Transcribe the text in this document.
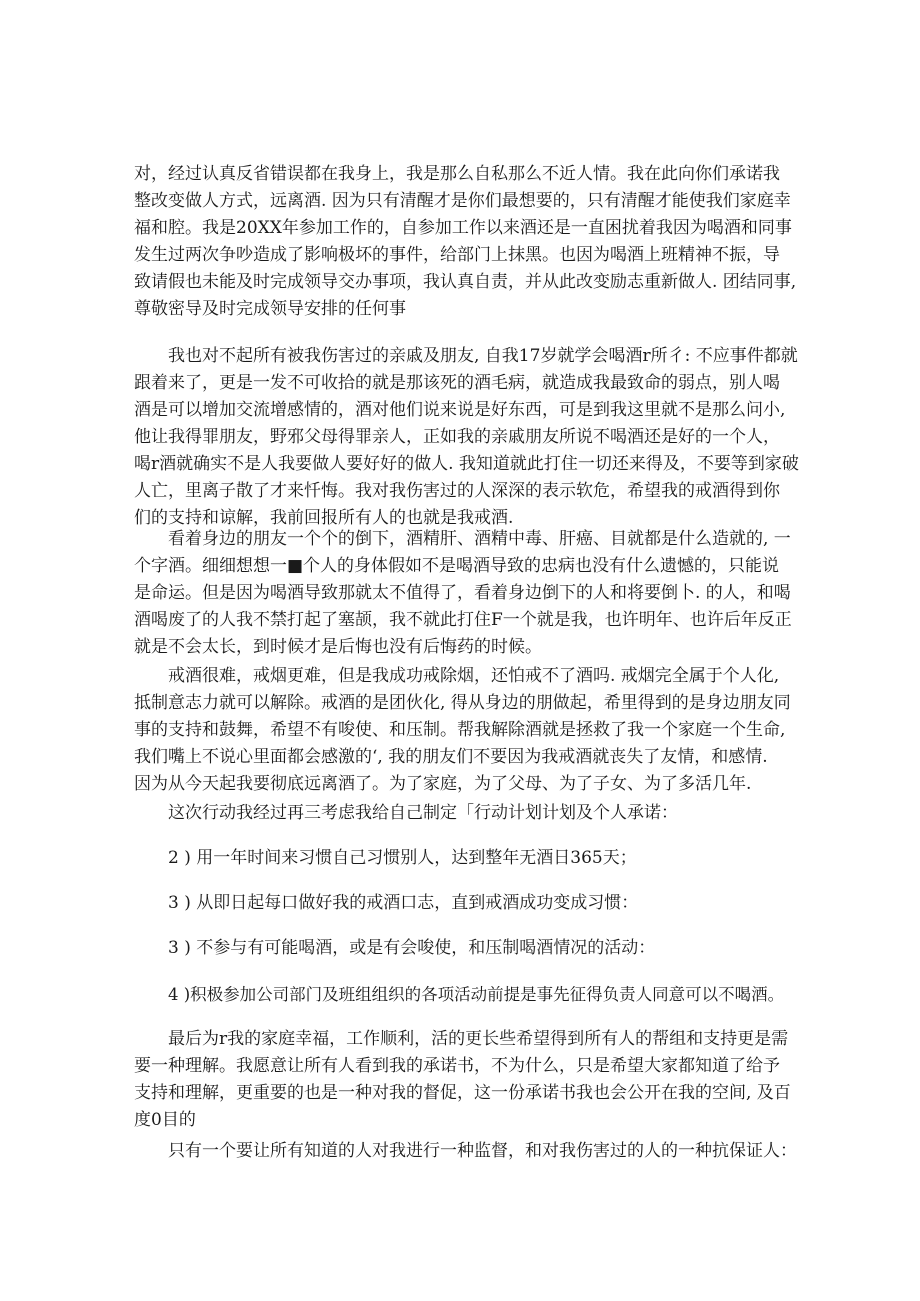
对，经过认真反省错误都在我身上，我是那么自私那么不近人情。我在此向你们承诺我
整改变做人方式，远离酒. 因为只有清醒才是你们最想要的，只有清醒才能使我们家庭幸
福和腔。我是20XX年参加工作的，自参加工作以来酒还是一直困扰着我因为喝酒和同事
发生过两次争吵造成了影响极坏的事件，给部门上抹黑。也因为喝酒上班精神不振，导
致请假也未能及时完成领导交办事项，我认真自责，并从此改变励志重新做人. 团结同事,
尊敬密导及时完成领导安排的任何事

我也对不起所有被我伤害过的亲戚及朋友, 自我17岁就学会喝酒r所彳: 不应事件都就
跟着来了，更是一发不可收拾的就是那该死的酒毛病，就造成我最致命的弱点，别人喝
酒是可以增加交流增感情的，酒对他们说来说是好东西，可是到我这里就不是那么问小,
他让我得罪朋友，野邪父母得罪亲人，正如我的亲戚朋友所说不喝酒还是好的一个人，
喝r酒就确实不是人我要做人要好好的做人. 我知道就此打住一切还来得及，不要等到家破
人亡，里离子散了才来忏悔。我对我伤害过的人深深的表示软危，希望我的戒酒得到你
们的支持和谅解，我前回报所有人的也就是我戒酒.

看着身边的朋友一个个的倒下，酒精肝、酒精中毒、肝癌、目就都是什么造就的, 一
个字酒。细细想想一■个人的身体假如不是喝酒导致的忠病也没有什么遗憾的，只能说
是命运。但是因为喝酒导致那就太不值得了，看着身边倒下的人和将要倒卜. 的人，和喝
酒喝废了的人我不禁打起了塞颉，我不就此打住F一个就是我，也许明年、也许后年反正
就是不会太长，到时候才是后悔也没有后悔药的时候。

戒酒很难，戒烟更难，但是我成功戒除烟，还怕戒不了酒吗. 戒烟完全属于个人化,
抵制意志力就可以解除。戒酒的是团伙化, 得从身边的朋做起，希里得到的是身边朋友同
事的支持和鼓舞，希望不有唆使、和压制。帮我解除酒就是拯救了我一个家庭一个生命,
我们嘴上不说心里面都会感激的‘, 我的朋友们不要因为我戒酒就丧失了友情，和感情.
因为从今天起我要彻底远离酒了。为了家庭，为了父母、为了子女、为了多活几年.

这次行动我经过再三考虑我给自己制定「行动计划计划及个人承诺：

2 ) 用一年时间来习惯自己习惯别人，达到整年无酒日365天；

3 ) 从即日起每口做好我的戒酒口志，直到戒酒成功变成习惯：

3 ) 不参与有可能喝酒，或是有会唆使，和压制喝酒情况的活动：

4 )积极参加公司部门及班组组织的各项活动前提是事先征得负责人同意可以不喝酒。

最后为r我的家庭幸福，工作顺利，活的更长些希望得到所有人的帮组和支持更是需
要一种理解。我愿意让所有人看到我的承诺书，不为什么，只是希望大家都知道了给予
支持和理解，更重要的也是一种对我的督促，这一份承诺书我也会公开在我的空间, 及百
度0目的

只有一个要让所有知道的人对我进行一种监督，和对我伤害过的人的一种抗保证人：
